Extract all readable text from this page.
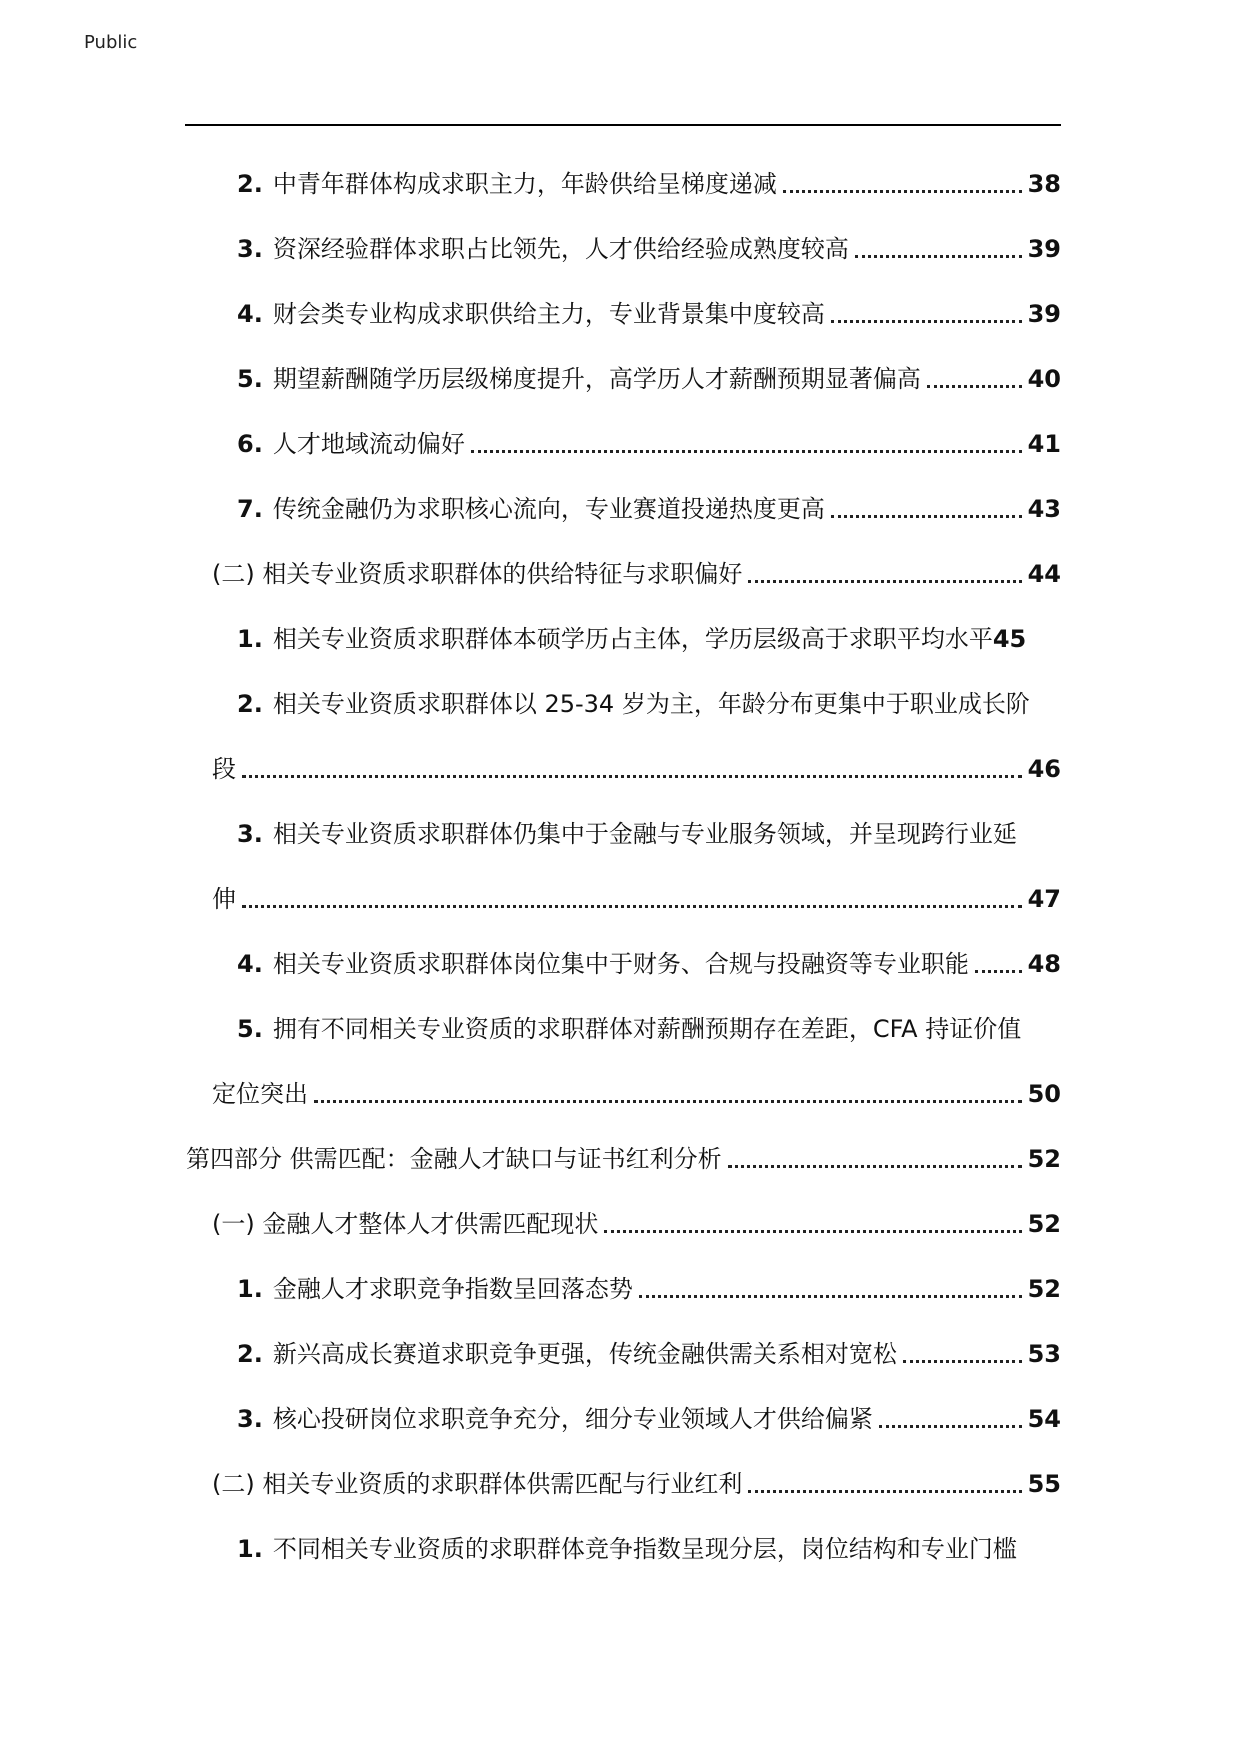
Public
2. 中青年群体构成求职主力，年龄供给呈梯度递减	38
3. 资深经验群体求职占比领先，人才供给经验成熟度较高	39
4. 财会类专业构成求职供给主力，专业背景集中度较高	39
5. 期望薪酬随学历层级梯度提升，高学历人才薪酬预期显著偏高	40
6. 人才地域流动偏好	41
7. 传统金融仍为求职核心流向，专业赛道投递热度更高	43
(二) 相关专业资质求职群体的供给特征与求职偏好	44
1. 相关专业资质求职群体本硕学历占主体，学历层级高于求职平均水平 45
2. 相关专业资质求职群体以 25-34 岁为主，年龄分布更集中于职业成长阶
段	46
3. 相关专业资质求职群体仍集中于金融与专业服务领域，并呈现跨行业延
伸	47
4. 相关专业资质求职群体岗位集中于财务、合规与投融资等专业职能 48
5. 拥有不同相关专业资质的求职群体对薪酬预期存在差距，CFA 持证价值
定位突出	50
第四部分 供需匹配：金融人才缺口与证书红利分析	52
(一) 金融人才整体人才供需匹配现状	52
1. 金融人才求职竞争指数呈回落态势	52
2. 新兴高成长赛道求职竞争更强，传统金融供需关系相对宽松	53
3. 核心投研岗位求职竞争充分，细分专业领域人才供给偏紧	54
(二) 相关专业资质的求职群体供需匹配与行业红利	55
1. 不同相关专业资质的求职群体竞争指数呈现分层，岗位结构和专业门槛
